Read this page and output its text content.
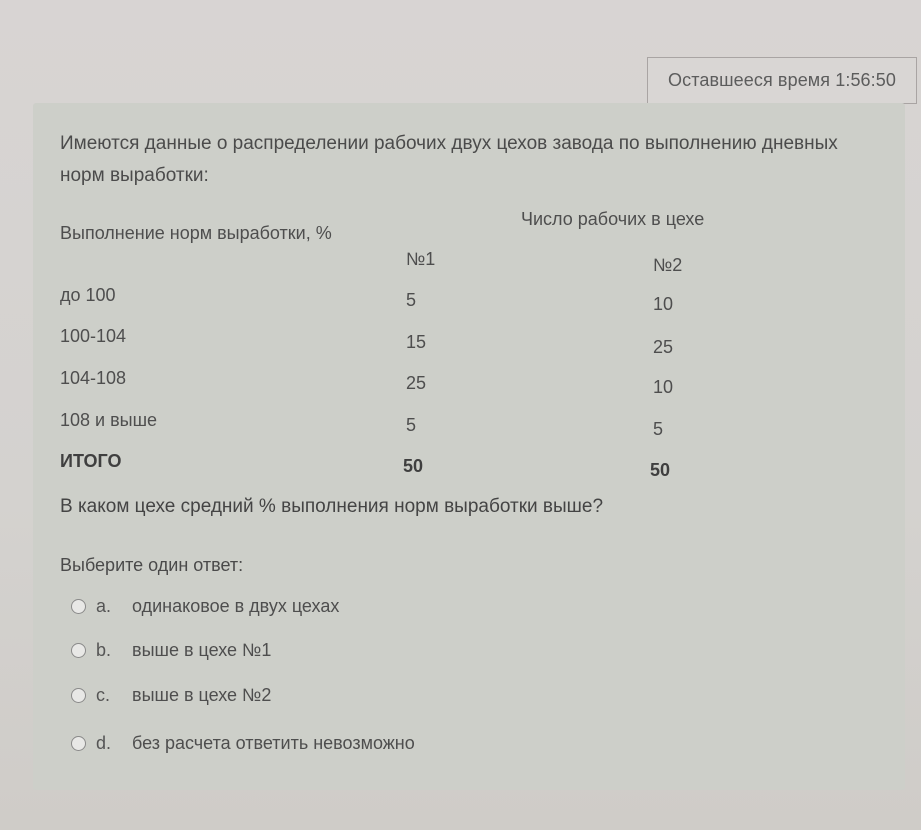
Оставшееся время 1:56:50
Имеются данные о распределении рабочих двух цехов завода по выполнению дневных норм выработки:
Выполнение норм выработки, %
Число рабочих в цехе
№1	№2
до 100	5	10
100-104	15	25
104-108	25	10
108 и выше	5	5
ИТОГО	50	50
В каком цехе средний % выполнения норм выработки выше?
Выберите один ответ:
a.	одинаковое в двух цехах
b.	выше в цехе №1
c.	выше в цехе №2
d.	без расчета ответить невозможно
